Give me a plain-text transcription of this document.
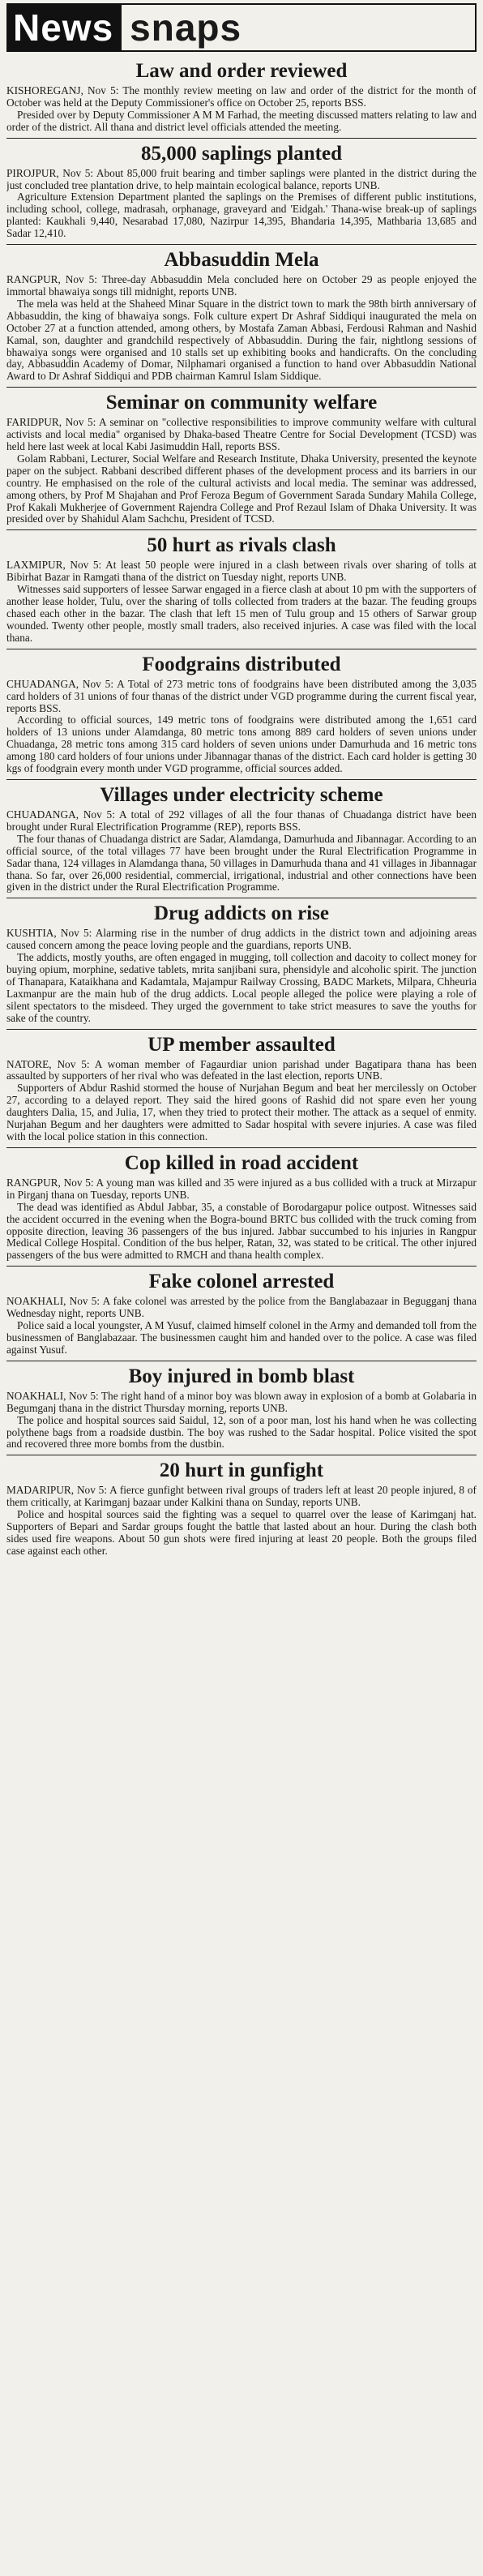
News snaps
Law and order reviewed

KISHOREGANJ, Nov 5: The monthly review meeting on law and order of the district for the month of October was held at the Deputy Commissioner's office on October 25, reports BSS.

Presided over by Deputy Commissioner A M M Farhad, the meeting discussed matters relating to law and order of the district. All thana and district level officials attended the meeting.

85,000 saplings planted

PIROJPUR, Nov 5: About 85,000 fruit bearing and timber saplings were planted in the district during the just concluded tree plantation drive, to help maintain ecological balance, reports UNB.

Agriculture Extension Department planted the saplings on the Premises of different public institutions, including school, college, madrasah, orphanage, graveyard and 'Eidgah.' Thana-wise break-up of saplings planted: Kaukhali 9,440, Nesarabad 17,080, Nazirpur 14,395, Bhandaria 14,395, Mathbaria 13,685 and Sadar 12,410.

Abbasuddin Mela

RANGPUR, Nov 5: Three-day Abbasuddin Mela concluded here on October 29 as people enjoyed the immortal bhawaiya songs till midnight, reports UNB.

The mela was held at the Shaheed Minar Square in the district town to mark the 98th birth anniversary of Abbasuddin, the king of bhawaiya songs. Folk culture expert Dr Ashraf Siddiqui inaugurated the mela on October 27 at a function attended, among others, by Mostafa Zaman Abbasi, Ferdousi Rahman and Nashid Kamal, son, daughter and grandchild respectively of Abbasuddin. During the fair, nightlong sessions of bhawaiya songs were organised and 10 stalls set up exhibiting books and handicrafts. On the concluding day, Abbasuddin Academy of Domar, Nilphamari organised a function to hand over Abbasuddin National Award to Dr Ashraf Siddiqui and PDB chairman Kamrul Islam Siddique.

Seminar on community welfare

FARIDPUR, Nov 5: A seminar on "collective responsibilities to improve community welfare with cultural activists and local media" organised by Dhaka-based Theatre Centre for Social Development (TCSD) was held here last week at local Kabi Jasimuddin Hall, reports BSS.

Golam Rabbani, Lecturer, Social Welfare and Research Institute, Dhaka University, presented the keynote paper on the subject. Rabbani described different phases of the development process and its barriers in our country. He emphasised on the role of the cultural activists and local media. The seminar was addressed, among others, by Prof M Shajahan and Prof Feroza Begum of Government Sarada Sundary Mahila College, Prof Kakali Mukherjee of Government Rajendra College and Prof Rezaul Islam of Dhaka University. It was presided over by Shahidul Alam Sachchu, President of TCSD.

50 hurt as rivals clash

LAXMIPUR, Nov 5: At least 50 people were injured in a clash between rivals over sharing of tolls at Bibirhat Bazar in Ramgati thana of the district on Tuesday night, reports UNB.

Witnesses said supporters of lessee Sarwar engaged in a fierce clash at about 10 pm with the supporters of another lease holder, Tulu, over the sharing of tolls collected from traders at the bazar. The feuding groups chased each other in the bazar. The clash that left 15 men of Tulu group and 15 others of Sarwar group wounded. Twenty other people, mostly small traders, also received injuries. A case was filed with the local thana.

Foodgrains distributed

CHUADANGA, Nov 5: A Total of 273 metric tons of foodgrains have been distributed among the 3,035 card holders of 31 unions of four thanas of the district under VGD programme during the current fiscal year, reports BSS.

According to official sources, 149 metric tons of foodgrains were distributed among the 1,651 card holders of 13 unions under Alamdanga, 80 metric tons among 889 card holders of seven unions under Chuadanga, 28 metric tons among 315 card holders of seven unions under Damurhuda and 16 metric tons among 180 card holders of four unions under Jibannagar thanas of the district. Each card holder is getting 30 kgs of foodgrain every month under VGD programme, official sources added.

Villages under electricity scheme

CHUADANGA, Nov 5: A total of 292 villages of all the four thanas of Chuadanga district have been brought under Rural Electrification Programme (REP), reports BSS.

The four thanas of Chuadanga district are Sadar, Alamdanga, Damurhuda and Jibannagar. According to an official source, of the total villages 77 have been brought under the Rural Electrification Programme in Sadar thana, 124 villages in Alamdanga thana, 50 villages in Damurhuda thana and 41 villages in Jibannagar thana. So far, over 26,000 residential, commercial, irrigational, industrial and other connections have been given in the district under the Rural Electrification Programme.

Drug addicts on rise

KUSHTIA, Nov 5: Alarming rise in the number of drug addicts in the district town and adjoining areas caused concern among the peace loving people and the guardians, reports UNB.

The addicts, mostly youths, are often engaged in mugging, toll collection and dacoity to collect money for buying opium, morphine, sedative tablets, mrita sanjibani sura, phensidyle and alcoholic spirit. The junction of Thanapara, Kataikhana and Kadamtala, Majampur Railway Crossing, BADC Markets, Milpara, Chheuria Laxmanpur are the main hub of the drug addicts. Local people alleged the police were playing a role of silent spectators to the misdeed. They urged the government to take strict measures to save the youths for sake of the country.

UP member assaulted

NATORE, Nov 5: A woman member of Fagaurdiar union parishad under Bagatipara thana has been assaulted by supporters of her rival who was defeated in the last election, reports UNB.

Supporters of Abdur Rashid stormed the house of Nurjahan Begum and beat her mercilessly on October 27, according to a delayed report. They said the hired goons of Rashid did not spare even her young daughters Dalia, 15, and Julia, 17, when they tried to protect their mother. The attack as a sequel of enmity. Nurjahan Begum and her daughters were admitted to Sadar hospital with severe injuries. A case was filed with the local police station in this connection.

Cop killed in road accident

RANGPUR, Nov 5: A young man was killed and 35 were injured as a bus collided with a truck at Mirzapur in Pirganj thana on Tuesday, reports UNB.

The dead was identified as Abdul Jabbar, 35, a constable of Borodargapur police outpost. Witnesses said the accident occurred in the evening when the Bogra-bound BRTC bus collided with the truck coming from opposite direction, leaving 36 passengers of the bus injured. Jabbar succumbed to his injuries in Rangpur Medical College Hospital. Condition of the bus helper, Ratan, 32, was stated to be critical. The other injured passengers of the bus were admitted to RMCH and thana health complex.

Fake colonel arrested

NOAKHALI, Nov 5: A fake colonel was arrested by the police from the Banglabazaar in Begugganj thana Wednesday night, reports UNB.

Police said a local youngster, A M Yusuf, claimed himself colonel in the Army and demanded toll from the businessmen of Banglabazaar. The businessmen caught him and handed over to the police. A case was filed against Yusuf.

Boy injured in bomb blast

NOAKHALI, Nov 5: The right hand of a minor boy was blown away in explosion of a bomb at Golabaria in Begumganj thana in the district Thursday morning, reports UNB.

The police and hospital sources said Saidul, 12, son of a poor man, lost his hand when he was collecting polythene bags from a roadside dustbin. The boy was rushed to the Sadar hospital. Police visited the spot and recovered three more bombs from the dustbin.

20 hurt in gunfight

MADARIPUR, Nov 5: A fierce gunfight between rival groups of traders left at least 20 people injured, 8 of them critically, at Karimganj bazaar under Kalkini thana on Sunday, reports UNB.

Police and hospital sources said the fighting was a sequel to quarrel over the lease of Karimganj hat. Supporters of Bepari and Sardar groups fought the battle that lasted about an hour. During the clash both sides used fire weapons. About 50 gun shots were fired injuring at least 20 people. Both the groups filed case against each other.
